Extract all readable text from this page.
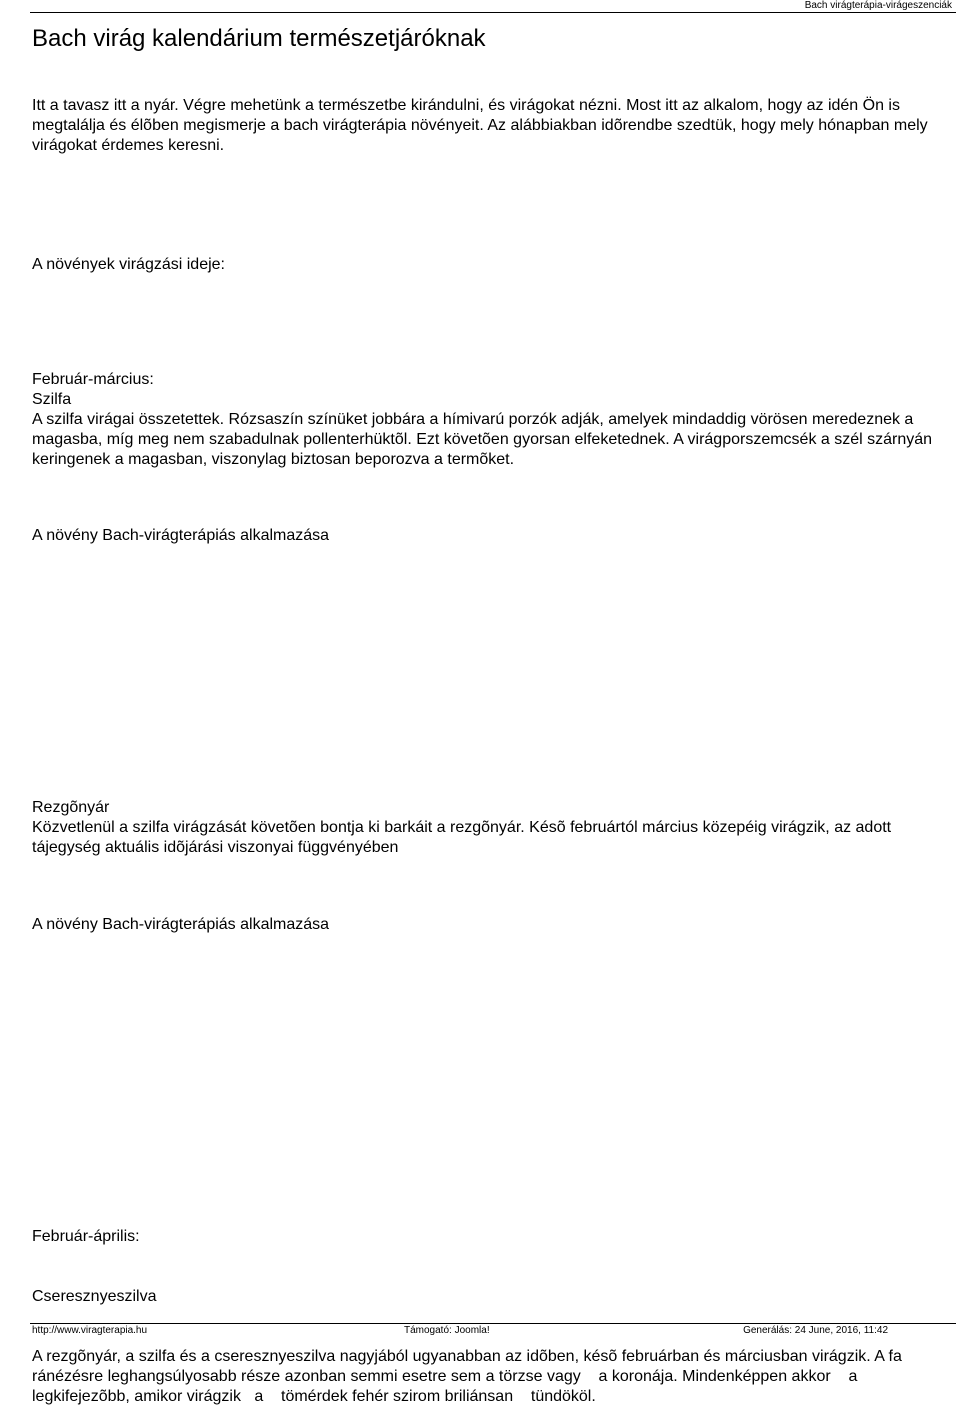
Bach virágterápia-virágeszenciák
Bach virág kalendárium természetjáróknak
Itt a tavasz itt a nyár. Végre mehetünk a természetbe kirándulni, és virágokat nézni. Most itt az alkalom, hogy az idén Ön is megtalálja és élõben megismerje a bach virágterápia növényeit. Az alábbiakban idõrendbe szedtük, hogy mely hónapban mely virágokat érdemes keresni.
A növények virágzási ideje:

Február-március:

Szilfa

A szilfa virágai összetettek. Rózsaszín színüket jobbára a hímivarú porzók adják, amelyek mindaddig vörösen meredeznek a magasba, míg meg nem szabadulnak pollenterhüktõl. Ezt követõen gyorsan elfeketednek. A virágporszemcsék a szél szárnyán keringenek a magasban, viszonylag biztosan beporozva a termõket.

A növény Bach-virágterápiás alkalmazása

Rezgõnyár

Közvetlenül a szilfa virágzását követõen bontja ki barkáit a rezgõnyár. Késõ februártól március közepéig virágzik, az adott tájegység aktuális idõjárási viszonyai függvényében

A növény Bach-virágterápiás alkalmazása

Február-április:

Cseresznyeszilva

A rezgõnyár, a szilfa és a cseresznyeszilva nagyjából ugyanabban az idõben, késõ februárban és márciusban virágzik. A fa   ránézésre leghangsúlyosabb része azonban semmi esetre sem a törzse vagy    a koronája. Mindenképpen akkor    a legkifejezõbb, amikor virágzik   a    tömérdek fehér szirom briliánsan    tündököl.

http://www.viragterapia.hu	Támogató: Joomla!	Generálás: 24 June, 2016, 11:42
